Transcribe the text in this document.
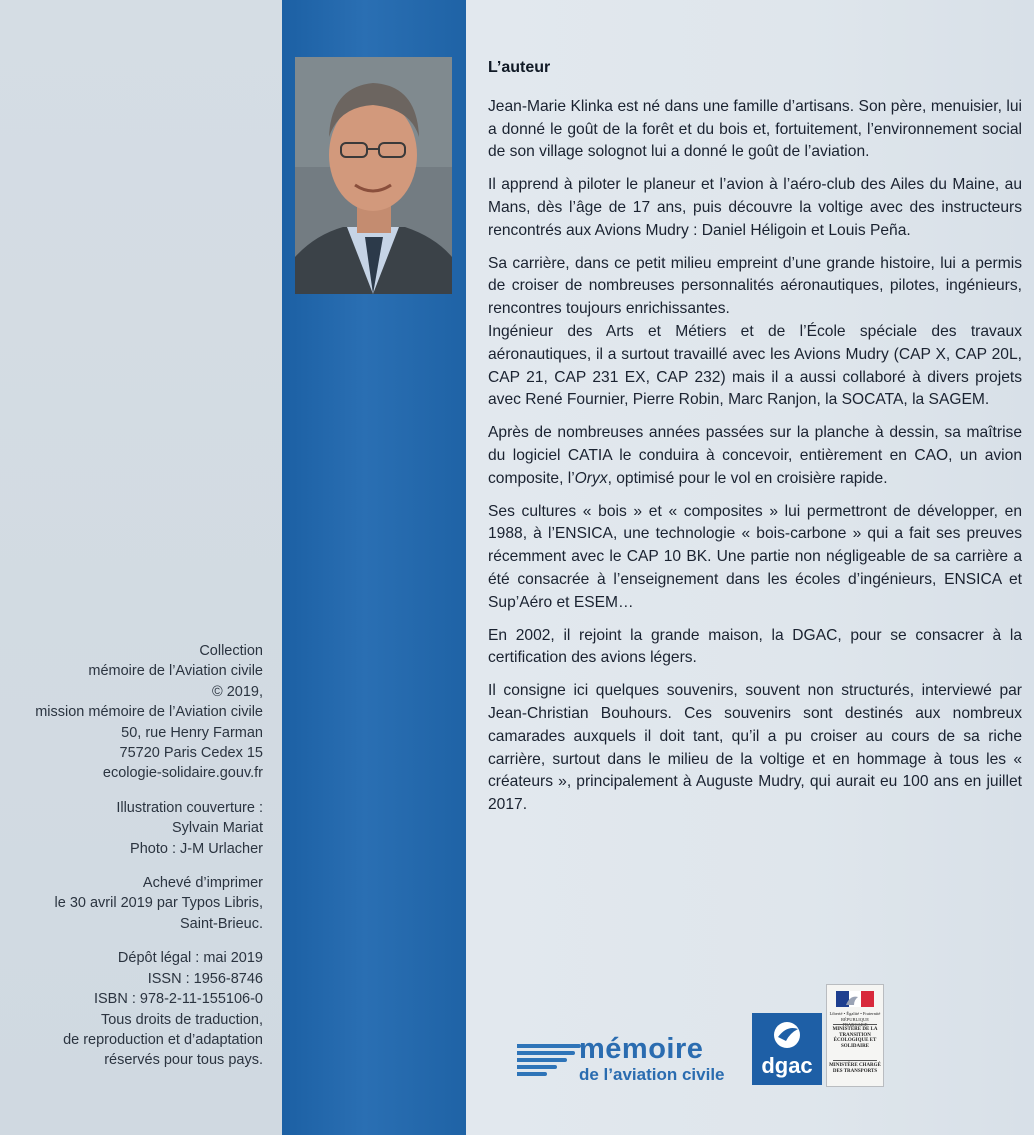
Collection

mémoire de l’Aviation civile

© 2019,

mission mémoire de l’Aviation civile

50, rue Henry Farman

75720 Paris Cedex 15

ecologie-solidaire.gouv.fr

Illustration couverture :

Sylvain Mariat

Photo : J-M Urlacher

Achevé d’imprimer

le 30 avril 2019 par Typos Libris,

Saint-Brieuc.

Dépôt légal : mai 2019

ISSN : 1956-8746

ISBN : 978-2-11-155106-0

Tous droits de traduction,

de reproduction et d’adaptation

réservés pour tous pays.

L’auteur

Jean-Marie Klinka est né dans une famille d’artisans. Son père, menuisier, lui a donné le goût de la forêt et du bois et, fortuitement, l’environnement social de son village solognot lui a donné le goût de l’aviation.

Il apprend à piloter le planeur et l’avion à l’aéro-club des Ailes du Maine, au Mans, dès l’âge de 17 ans, puis découvre la voltige avec des instructeurs rencontrés aux Avions Mudry : Daniel Héligoin et Louis Peña.

Sa carrière, dans ce petit milieu empreint d’une grande histoire, lui a permis de croiser de nombreuses personnalités aéronautiques, pilotes, ingénieurs, rencontres toujours enrichissantes.

Ingénieur des Arts et Métiers et de l’École spéciale des travaux aéronautiques, il a surtout travaillé avec les Avions Mudry (CAP X, CAP 20L, CAP 21, CAP 231 EX, CAP 232) mais il a aussi collaboré à divers projets avec René Fournier, Pierre Robin, Marc Ranjon, la SOCATA, la SAGEM.

Après de nombreuses années passées sur la planche à dessin, sa maîtrise du logiciel CATIA le conduira à concevoir, entièrement en CAO, un avion composite, l’Oryx, optimisé pour le vol en croisière rapide.

Ses cultures « bois » et « composites » lui permettront de développer, en 1988, à l’ENSICA, une technologie « bois-carbone » qui a fait ses preuves récemment avec le CAP 10 BK. Une partie non négligeable de sa carrière a été consacrée à l’enseignement dans les écoles d’ingénieurs, ENSICA et Sup’Aéro et ESEM…

En 2002, il rejoint la grande maison, la DGAC, pour se consacrer à la certification des avions légers.

Il consigne ici quelques souvenirs, souvent non structurés, interviewé par Jean-Christian Bouhours. Ces souvenirs sont destinés aux nombreux camarades auxquels il doit tant, qu’il a pu croiser au cours de sa riche carrière, surtout dans le milieu de la voltige et en hommage à tous les « créateurs », principalement à Auguste Mudry, qui aurait eu 100 ans en juillet 2017.

mémoire
de l’aviation civile	dgac
Liberté • Égalité • Fraternité RÉPUBLIQUE
MINISTÈRE DE LA TRANSITION ÉCOLOGIQUE ET SOLIDAIRE
MINISTÈRE CHARGÉ DES TRANSPORTS
